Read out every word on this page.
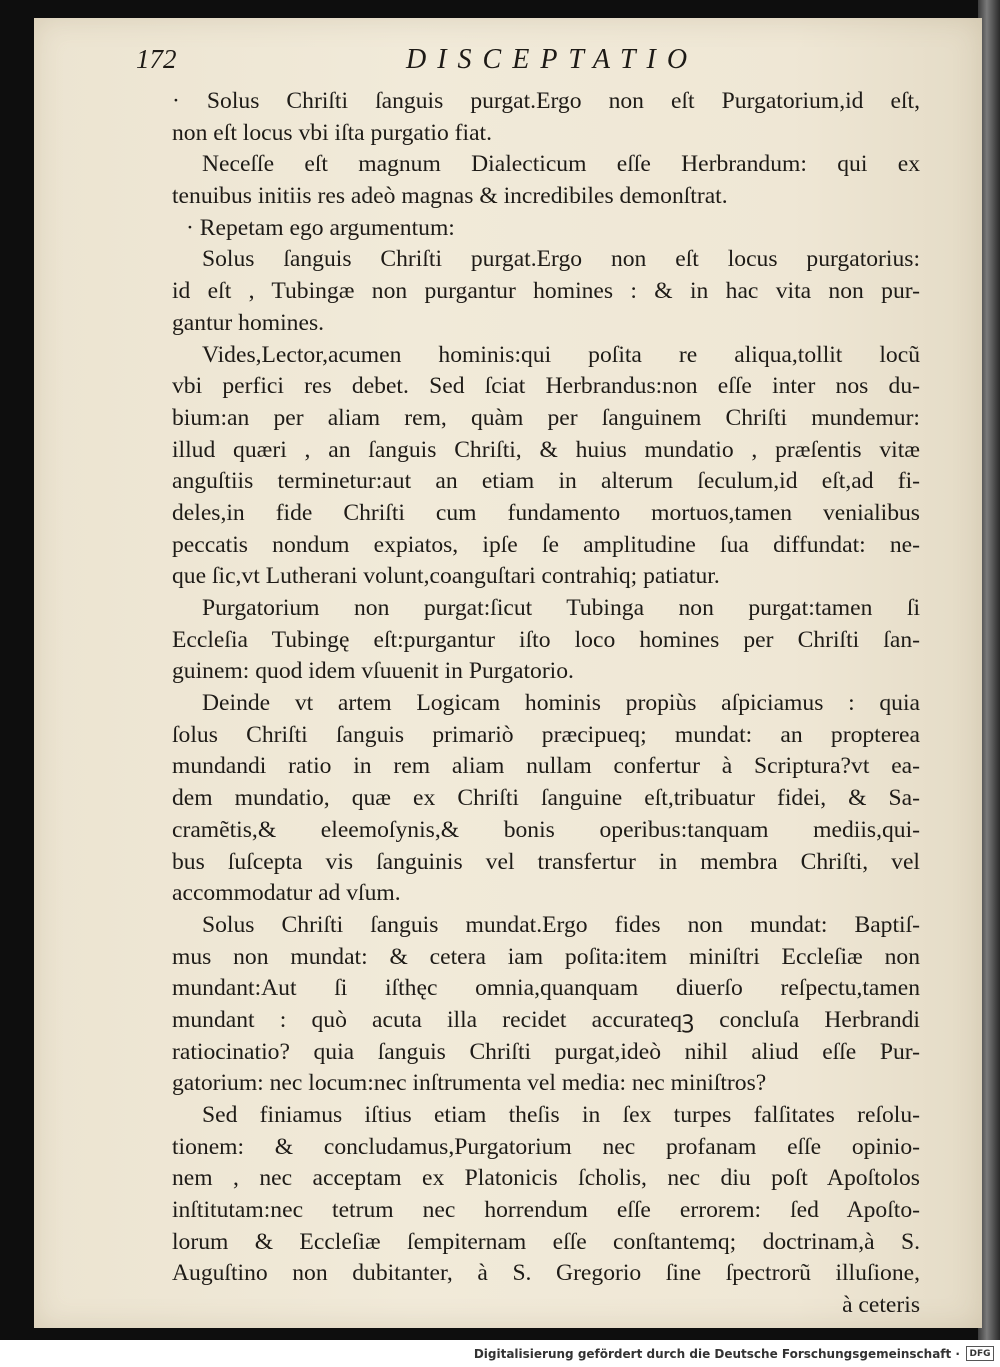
172	DISCEPTATIO
· Solus Chriſti ſanguis purgat.Ergo non eſt Purgatorium,id eſt,
non eſt locus vbi iſta purgatio fiat.
Neceſſe eſt magnum Dialecticum eſſe Herbrandum: qui ex
tenuibus initiis res adeò magnas & incredibiles demonſtrat.
· Repetam ego argumentum:
Solus ſanguis Chriſti purgat.Ergo non eſt locus purgatorius:
id eſt , Tubingæ non purgantur homines : & in hac vita non pur-
gantur homines.
Vides,Lector,acumen hominis:qui poſita re aliqua,tollit locũ
vbi perfici res debet. Sed ſciat Herbrandus:non eſſe inter nos du-
bium:an per aliam rem, quàm per ſanguinem Chriſti mundemur:
illud quæri , an ſanguis Chriſti, & huius mundatio , præſentis vitæ
anguſtiis terminetur:aut an etiam in alterum ſeculum,id eſt,ad fi-
deles,in fide Chriſti cum fundamento mortuos,tamen venialibus
peccatis nondum expiatos, ipſe ſe amplitudine ſua diffundat: ne-
que ſic,vt Lutherani volunt,coanguſtari contrahiq; patiatur.
Purgatorium non purgat:ſicut Tubinga non purgat:tamen ſi
Eccleſia Tubingę eſt:purgantur iſto loco homines per Chriſti ſan-
guinem: quod idem vſuuenit in Purgatorio.
Deinde vt artem Logicam hominis propiùs aſpiciamus : quia
ſolus Chriſti ſanguis primariò præcipueq; mundat: an propterea
mundandi ratio in rem aliam nullam confertur à Scriptura?vt ea-
dem mundatio, quæ ex Chriſti ſanguine eſt,tribuatur fidei, & Sa-
cramẽtis,& eleemoſynis,& bonis operibus:tanquam mediis,qui-
bus ſuſcepta vis ſanguinis vel transfertur in membra Chriſti, vel
accommodatur ad vſum.
Solus Chriſti ſanguis mundat.Ergo fides non mundat: Baptiſ-
mus non mundat: & cetera iam poſita:item miniſtri Eccleſiæ non
mundant:Aut ſi iſthęc omnia,quanquam diuerſo reſpectu,tamen
mundant : quò acuta illa recidet accurateqꝫ concluſa Herbrandi
ratiocinatio? quia ſanguis Chriſti purgat,ideò nihil aliud eſſe Pur-
gatorium: nec locum:nec inſtrumenta vel media: nec miniſtros?
Sed finiamus iſtius etiam theſis in ſex turpes falſitates reſolu-
tionem: & concludamus,Purgatorium nec profanam eſſe opinio-
nem , nec acceptam ex Platonicis ſcholis, nec diu poſt Apoſtolos
inſtitutam:nec tetrum nec horrendum eſſe errorem: ſed Apoſto-
lorum & Eccleſiæ ſempiternam eſſe conſtantemq; doctrinam,à S.
Auguſtino non dubitanter, à S. Gregorio ſine ſpectrorũ illuſione,
à ceteris
Digitalisierung gefördert durch die Deutsche Forschungsgemeinschaft ·	DFG
